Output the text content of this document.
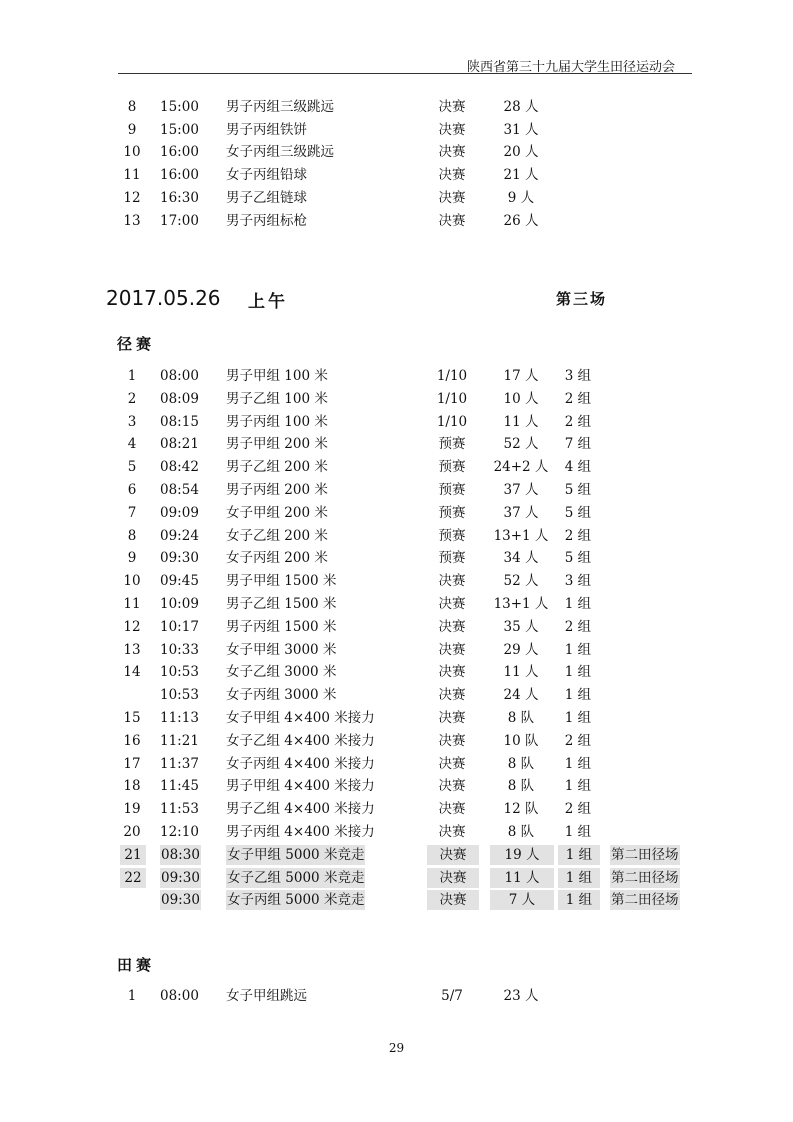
陕西省第三十九届大学生田径运动会
8	15:00 男子丙组三级跳远	决赛	28 人
9	15:00 男子丙组铁饼	决赛	31 人
10 16:00 女子丙组三级跳远	决赛	20 人
11 16:00 女子丙组铅球	决赛	21 人
12 16:30 男子乙组链球	决赛	9 人
13 17:00 男子丙组标枪	决赛	26 人
2017.05.26 上午	第三场
径赛
1	08:00 男子甲组 100 米	1/10	17 人	3 组
2	08:09 男子乙组 100 米	1/10	10 人	2 组
3	08:15 男子丙组 100 米	1/10	11 人	2 组
4	08:21 男子甲组 200 米	预赛	52 人	7 组
5	08:42 男子乙组 200 米	预赛	24+2 人	4 组
6	08:54 男子丙组 200 米	预赛	37 人	5 组
7	09:09 女子甲组 200 米	预赛	37 人	5 组
8	09:24 女子乙组 200 米	预赛	13+1 人	2 组
9	09:30 女子丙组 200 米	预赛	34 人	5 组
10 09:45 男子甲组 1500 米	决赛	52 人	3 组
11 10:09 男子乙组 1500 米	决赛	13+1 人	1 组
12 10:17 男子丙组 1500 米	决赛	35 人	2 组
13 10:33 女子甲组 3000 米	决赛	29 人	1 组
14 10:53 女子乙组 3000 米	决赛	11 人	1 组
10:53 女子丙组 3000 米	决赛	24 人	1 组
15 11:13 女子甲组 4×400 米接力	决赛	8 队	1 组
16 11:21 女子乙组 4×400 米接力	决赛	10 队	2 组
17 11:37 女子丙组 4×400 米接力	决赛	8 队	1 组
18 11:45 男子甲组 4×400 米接力	决赛	8 队	1 组
19 11:53 男子乙组 4×400 米接力	决赛	12 队	2 组
20 12:10 男子丙组 4×400 米接力	决赛	8 队	1 组
21	08:30 女子甲组 5000 米竞走	决赛	19 人	1 组	第二田径场
22	09:30 女子乙组 5000 米竞走	决赛	11 人	1 组	第二田径场
09:30 女子丙组 5000 米竞走	决赛	7 人	1 组	第二田径场
田赛
1	08:00 女子甲组跳远	5/7	23 人
29
